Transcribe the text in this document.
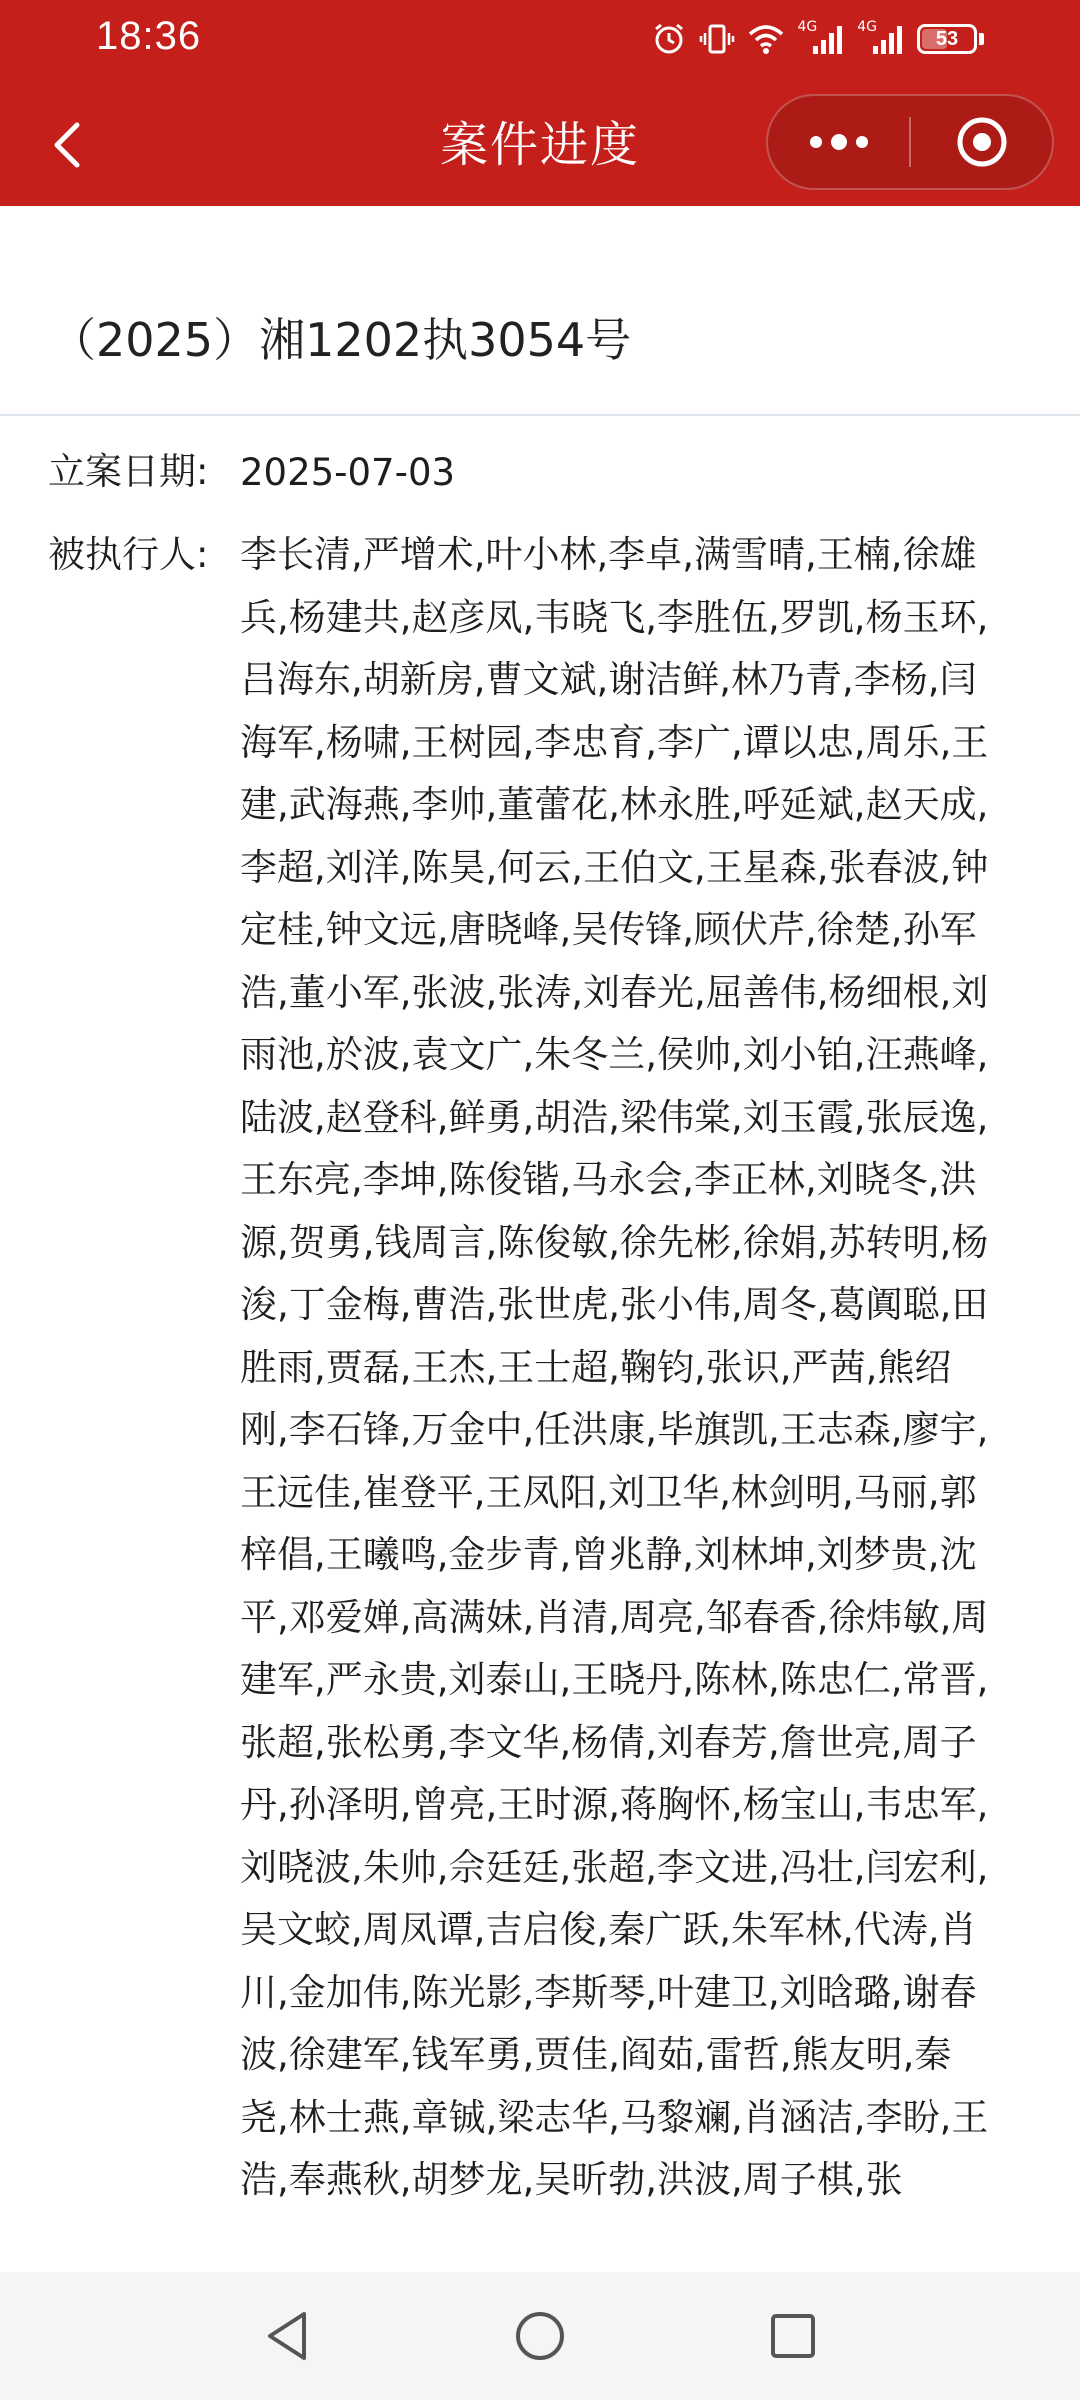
18:36	4G	4G
53
案件进度
（2025）湘1202执3054号
立案日期: 2025-07-03
被执行人: 李长清,严增术,叶小林,李卓,满雪晴,王楠,徐雄兵,杨建共,赵彦凤,韦晓飞,李胜伍,罗凯,杨玉环,吕海东,胡新房,曹文斌,谢洁鲜,林乃青,李杨,闫海军,杨啸,王树园,李忠育,李广,谭以忠,周乐,王建,武海燕,李帅,董蕾花,林永胜,呼延斌,赵天成,李超,刘洋,陈昊,何云,王伯文,王星森,张春波,钟定桂,钟文远,唐晓峰,吴传锋,顾伏芹,徐楚,孙军浩,董小军,张波,张涛,刘春光,屈善伟,杨细根,刘雨池,於波,袁文广,朱冬兰,侯帅,刘小铂,汪燕峰,陆波,赵登科,鲜勇,胡浩,梁伟棠,刘玉霞,张辰逸,王东亮,李坤,陈俊锴,马永会,李正林,刘晓冬,洪源,贺勇,钱周言,陈俊敏,徐先彬,徐娟,苏转明,杨浚,丁金梅,曹浩,张世虎,张小伟,周冬,葛阗聪,田胜雨,贾磊,王杰,王士超,鞠钧,张识,严茜,熊绍刚,李石锋,万金中,任洪康,毕旗凯,王志森,廖宇,王远佳,崔登平,王凤阳,刘卫华,林剑明,马丽,郭梓倡,王曦鸣,金步青,曾兆静,刘林坤,刘梦贵,沈平,邓爱婵,高满妹,肖清,周亮,邹春香,徐炜敏,周建军,严永贵,刘泰山,王晓丹,陈林,陈忠仁,常晋,张超,张松勇,李文华,杨倩,刘春芳,詹世亮,周子丹,孙泽明,曾亮,王时源,蒋胸怀,杨宝山,韦忠军,刘晓波,朱帅,佘廷廷,张超,李文进,冯壮,闫宏利,吴文蛟,周凤谭,吉启俊,秦广跃,朱军林,代涛,肖川,金加伟,陈光影,李斯琴,叶建卫,刘晗璐,谢春波,徐建军,钱军勇,贾佳,阎茹,雷哲,熊友明,秦尧,林士燕,章铖,梁志华,马黎斓,肖涵洁,李盼,王浩,奉燕秋,胡梦龙,吴昕勃,洪波,周子棋,张
